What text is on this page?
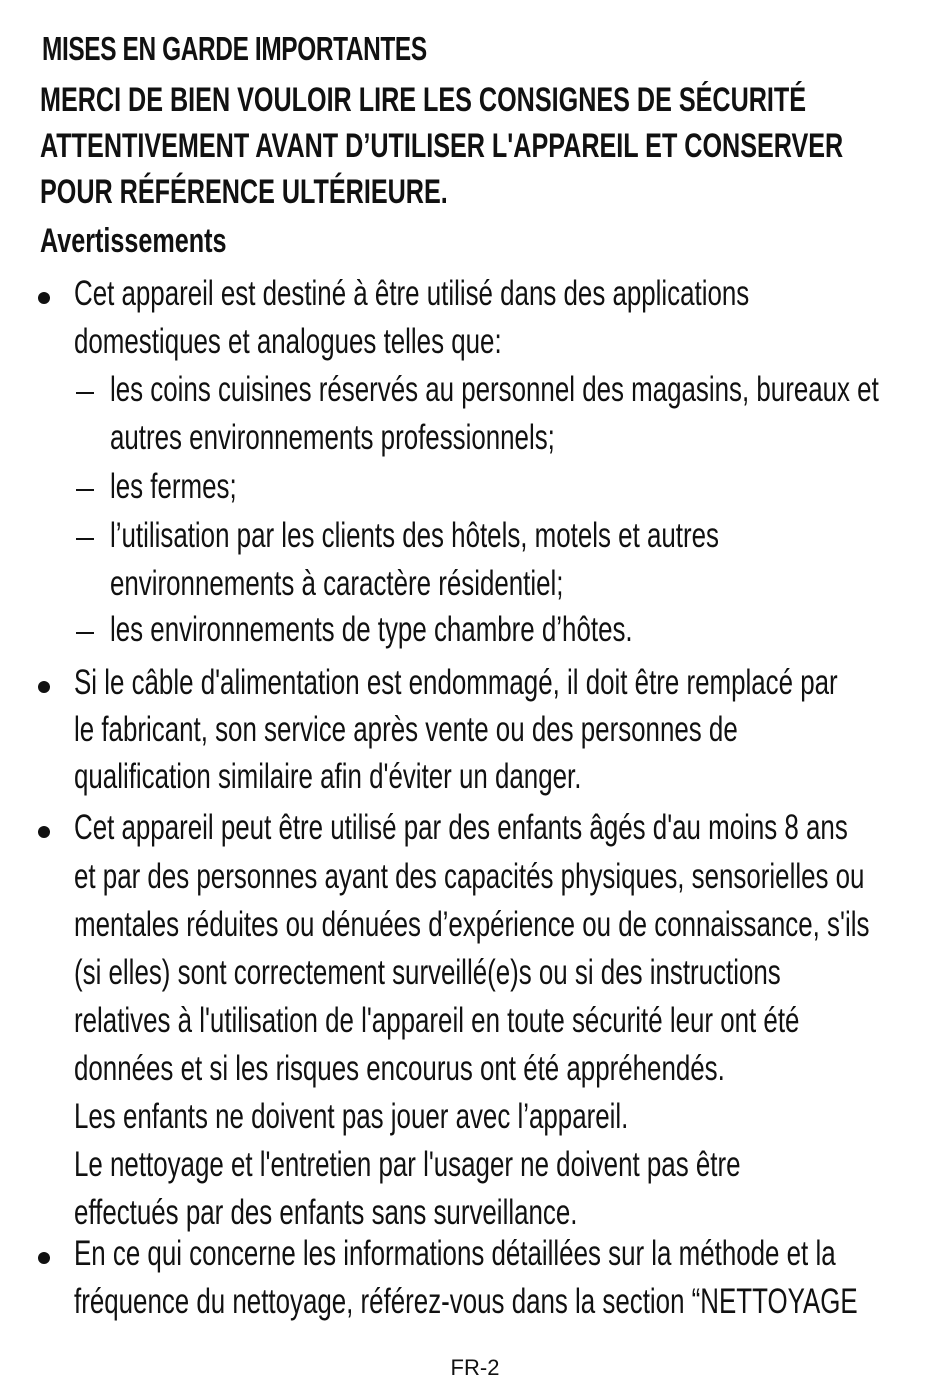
MISES EN GARDE IMPORTANTES
MERCI DE BIEN VOULOIR LIRE LES CONSIGNES DE SÉCURITÉ
ATTENTIVEMENT AVANT D’UTILISER L'APPAREIL ET CONSERVER
POUR RÉFÉRENCE ULTÉRIEURE.
Avertissements
Cet appareil est destiné à être utilisé dans des applications
domestiques et analogues telles que:
les coins cuisines réservés au personnel des magasins, bureaux et
autres environnements professionnels;
les fermes;
l’utilisation par les clients des hôtels, motels et autres
environnements à caractère résidentiel;
les environnements de type chambre d’hôtes.
Si le câble d'alimentation est endommagé, il doit être remplacé par
le fabricant, son service après vente ou des personnes de
qualification similaire afin d'éviter un danger.
Cet appareil peut être utilisé par des enfants âgés d'au moins 8 ans
et par des personnes ayant des capacités physiques, sensorielles ou
mentales réduites ou dénuées d’expérience ou de connaissance, s'ils
(si elles) sont correctement surveillé(e)s ou si des instructions
relatives à l'utilisation de l'appareil en toute sécurité leur ont été
données et si les risques encourus ont été appréhendés.
Les enfants ne doivent pas jouer avec l’appareil.
Le nettoyage et l'entretien par l'usager ne doivent pas être
effectués par des enfants sans surveillance.
En ce qui concerne les informations détaillées sur la méthode et la
fréquence du nettoyage, référez-vous dans la section “NETTOYAGE
FR-2
